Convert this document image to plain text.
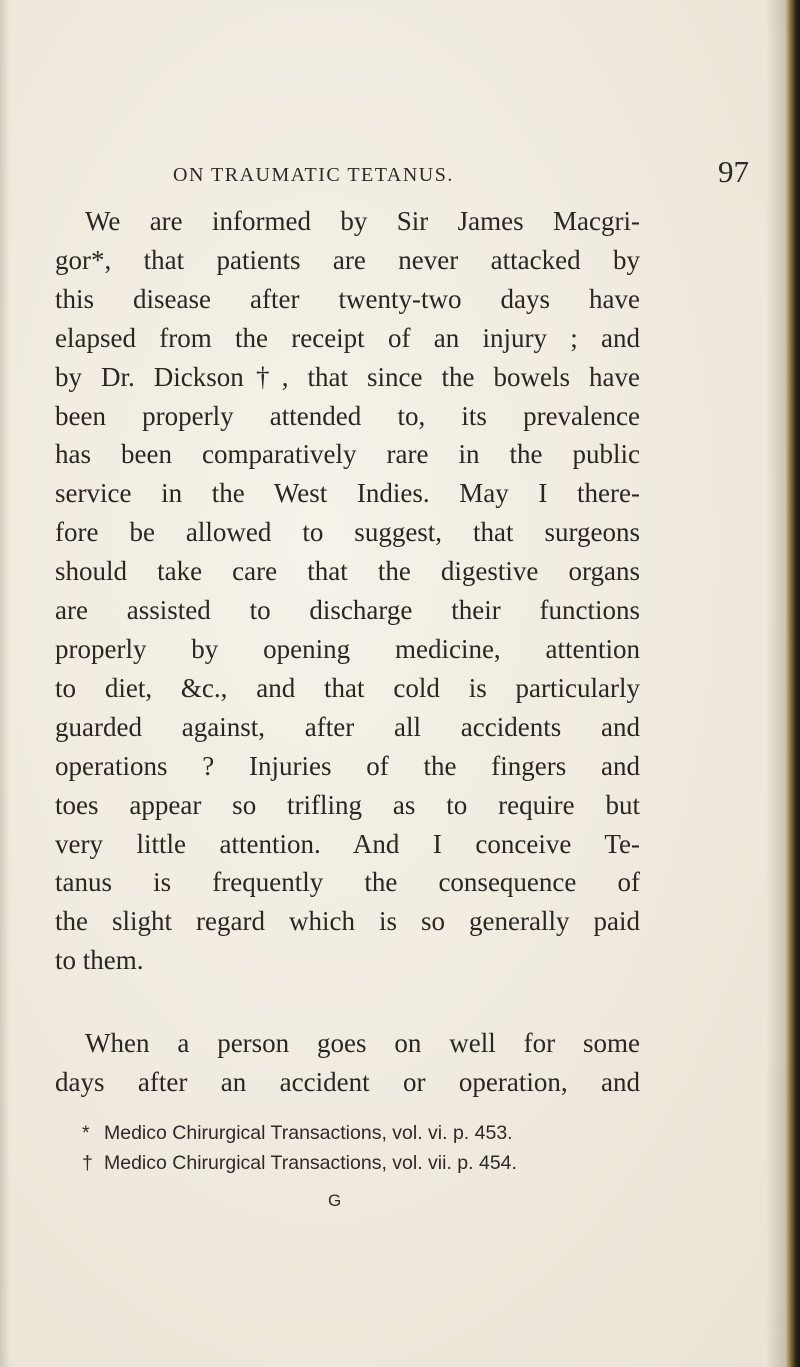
ON TRAUMATIC TETANUS.	97
We are informed by Sir James Macgri-
gor*, that patients are never attacked by
this disease after twenty-two days have
elapsed from the receipt of an injury ; and
by Dr. Dickson†, that since the bowels have
been properly attended to, its prevalence
has been comparatively rare in the public
service in the West Indies. May I there-
fore be allowed to suggest, that surgeons
should take care that the digestive organs
are assisted to discharge their functions
properly by opening medicine, attention
to diet, &c., and that cold is particularly
guarded against, after all accidents and
operations ? Injuries of the fingers and
toes appear so trifling as to require but
very little attention. And I conceive Te-
tanus is frequently the consequence of
the slight regard which is so generally paid
to them.
When a person goes on well for some
days after an accident or operation, and
* Medico Chirurgical Transactions, vol. vi. p. 453.
† Medico Chirurgical Transactions, vol. vii. p. 454.
G
